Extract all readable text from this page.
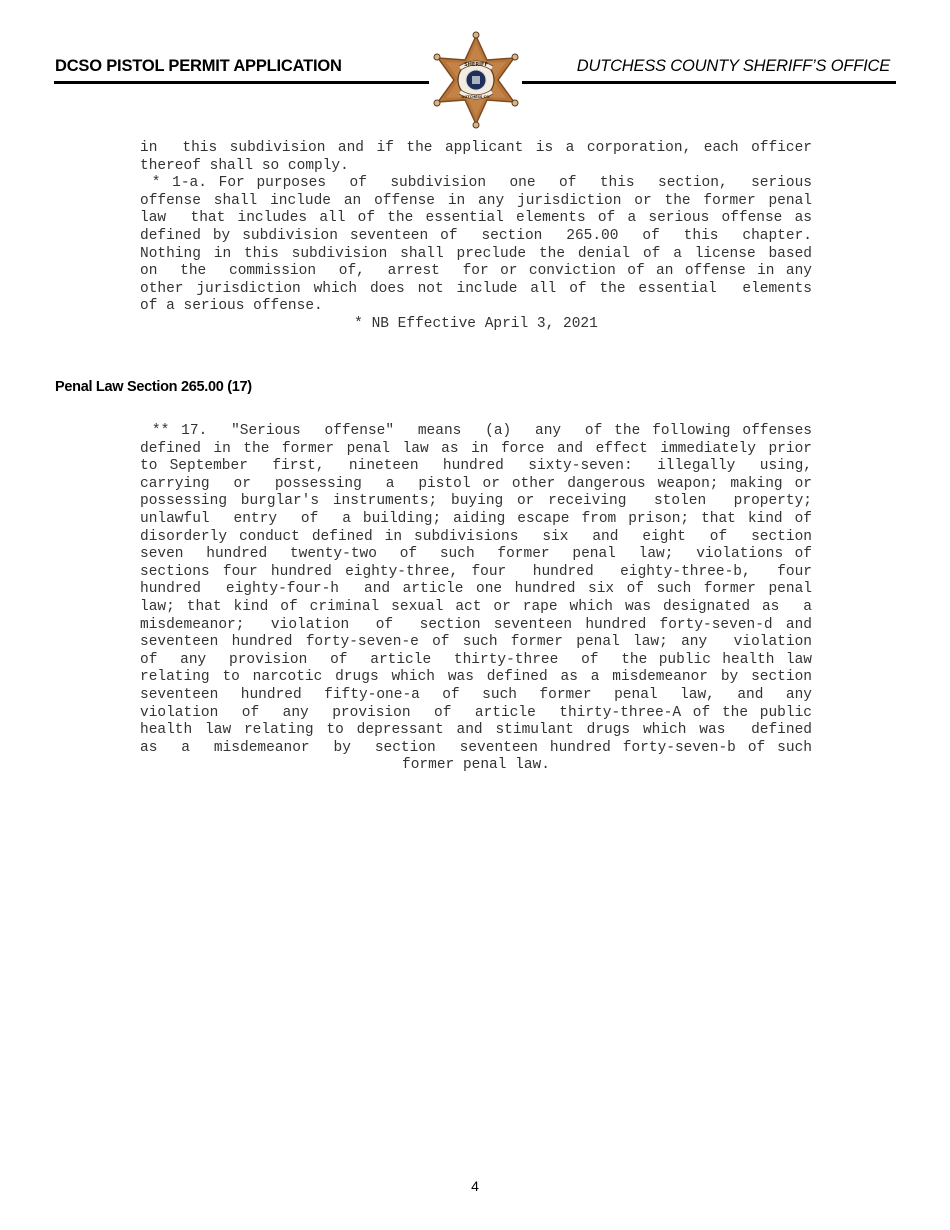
DCSO PISTOL PERMIT APPLICATION	SHERIFF
DUTCHESS CO.
DUTCHESS COUNTY SHERIFF’S OFFICE
in  this subdivision and if the applicant is a corporation, each officer
thereof shall so comply.
* 1-a. For purposes  of  subdivision  one  of  this  section,  serious
offense shall include an offense in any jurisdiction or the former penal
law  that includes all of the essential elements of a serious offense as
defined by subdivision seventeen of  section  265.00  of  this  chapter.
Nothing in this subdivision shall preclude the denial of a license based
on  the  commission  of,  arrest  for or conviction of an offense in any
other jurisdiction which does not include all of the essential  elements
of a serious offense.
* NB Effective April 3, 2021
Penal Law Section 265.00 (17)
** 17.  "Serious  offense"  means  (a)  any  of the following offenses
defined in the former penal law as in force and effect immediately prior
to September  first,  nineteen  hundred  sixty-seven:  illegally  using,
carrying  or  possessing  a  pistol or other dangerous weapon; making or
possessing burglar's instruments; buying or receiving  stolen  property;
unlawful  entry  of  a building; aiding escape from prison; that kind of
disorderly conduct defined in subdivisions  six  and  eight  of  section
seven  hundred  twenty-two  of  such  former  penal  law;  violations of
sections four hundred eighty-three, four  hundred  eighty-three-b,  four
hundred  eighty-four-h  and article one hundred six of such former penal
law; that kind of criminal sexual act or rape which was designated as  a
misdemeanor;  violation  of  section seventeen hundred forty-seven-d and
seventeen hundred forty-seven-e of such former penal law; any  violation
of  any  provision  of  article  thirty-three  of  the public health law
relating to narcotic drugs which was defined as a misdemeanor by section
seventeen  hundred  fifty-one-a  of  such  former  penal  law,  and  any
violation  of  any  provision  of  article  thirty-three-A of the public
health law relating to depressant and stimulant drugs which was  defined
as  a  misdemeanor  by  section  seventeen hundred forty-seven-b of such
former penal law.
4
